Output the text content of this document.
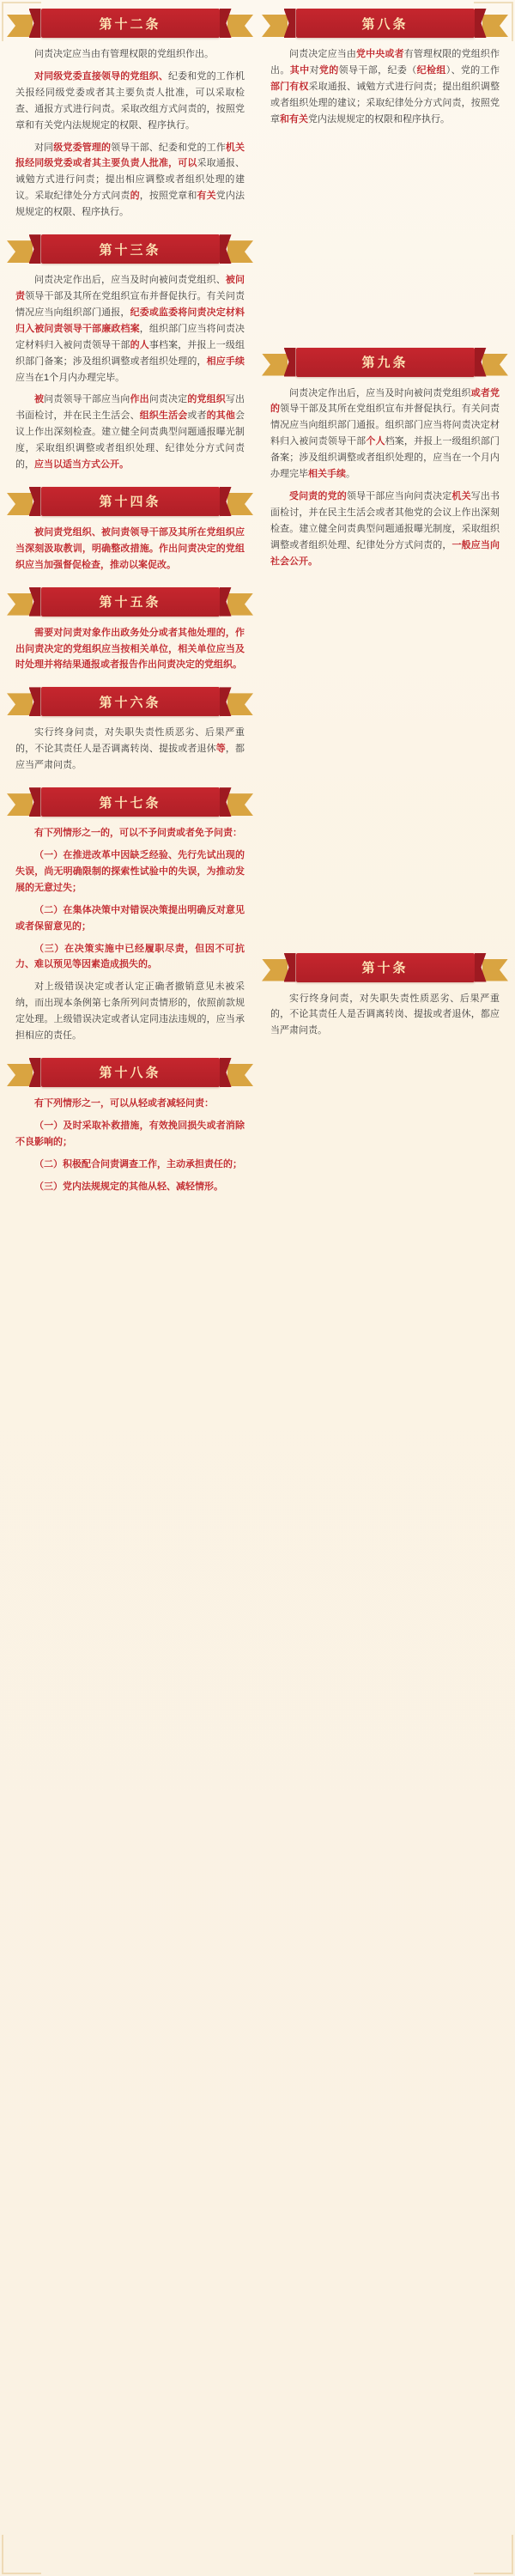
第十二条

问责决定应当由有管理权限的党组织作出。

对同级党委直接领导的党组织、纪委和党的工作机关报经同级党委或者其主要负责人批准，可以采取检查、通报方式进行问责。采取改组方式问责的，按照党章和有关党内法规规定的权限、程序执行。

对同级党委管理的领导干部、纪委和党的工作机关报经同级党委或者其主要负责人批准，可以采取通报、诫勉方式进行问责；提出相应调整或者组织处理的建议。采取纪律处分方式问责的，按照党章和有关党内法规规定的权限、程序执行。

第十三条

问责决定作出后，应当及时向被问责党组织、被问责领导干部及其所在党组织宣布并督促执行。有关问责情况应当向组织部门通报，纪委或监委将问责决定材料归入被问责领导干部廉政档案，组织部门应当将问责决定材料归入被问责领导干部的人事档案，并报上一级组织部门备案；涉及组织调整或者组织处理的，相应手续应当在1个月内办理完毕。

被问责领导干部应当向作出问责决定的党组织写出书面检讨，并在民主生活会、组织生活会或者的其他会议上作出深刻检查。建立健全问责典型问题通报曝光制度，采取组织调整或者组织处理、纪律处分方式问责的，应当以适当方式公开。

第十四条

被问责党组织、被问责领导干部及其所在党组织应当深刻汲取教训，明确整改措施。作出问责决定的党组织应当加强督促检查，推动以案促改。

第十五条

需要对问责对象作出政务处分或者其他处理的，作出问责决定的党组织应当按相关单位，相关单位应当及时处理并将结果通报或者报告作出问责决定的党组织。

第十六条

实行终身问责，对失职失责性质恶劣、后果严重的，不论其责任人是否调离转岗、提拔或者退休等，都应当严肃问责。

第十七条

有下列情形之一的，可以不予问责或者免予问责：

（一）在推进改革中因缺乏经验、先行先试出现的失误，尚无明确限制的探索性试验中的失误，为推动发展的无意过失；

（二）在集体决策中对错误决策提出明确反对意见或者保留意见的；

（三）在决策实施中已经履职尽责，但因不可抗力、难以预见等因素造成损失的。

对上级错误决定或者认定正确者撤销意见未被采纳，而出现本条例第七条所列问责情形的，依照前款规定处理。上级错误决定或者认定同违法违规的，应当承担相应的责任。

第十八条

有下列情形之一，可以从轻或者减轻问责：

（一）及时采取补救措施，有效挽回损失或者消除不良影响的；

（二）积极配合问责调查工作，主动承担责任的；

（三）党内法规规定的其他从轻、减轻情形。

第八条

问责决定应当由党中央或者有管理权限的党组织作出。其中对党的领导干部，纪委（纪检组）、党的工作部门有权采取通报、诫勉方式进行问责；提出组织调整或者组织处理的建议；采取纪律处分方式问责，按照党章和有关党内法规规定的权限和程序执行。

第九条

问责决定作出后，应当及时向被问责党组织或者党的领导干部及其所在党组织宣布并督促执行。有关问责情况应当向组织部门通报。组织部门应当将问责决定材料归入被问责领导干部个人档案，并报上一级组织部门备案；涉及组织调整或者组织处理的，应当在一个月内办理完毕相关手续。

受问责的党的领导干部应当向问责决定机关写出书面检讨，并在民主生活会或者其他党的会议上作出深刻检查。建立健全问责典型问题通报曝光制度，采取组织调整或者组织处理、纪律处分方式问责的，一般应当向社会公开。

第十条

实行终身问责，对失职失责性质恶劣、后果严重的，不论其责任人是否调离转岗、提拔或者退休，都应当严肃问责。
